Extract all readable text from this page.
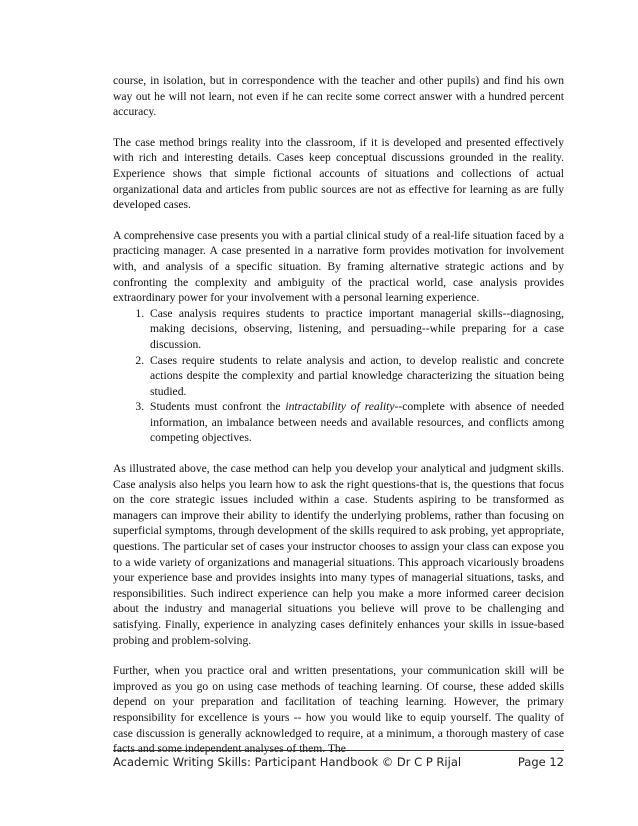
course, in isolation, but in correspondence with the teacher and other pupils) and find his own way out he will not learn, not even if he can recite some correct answer with a hundred percent accuracy.

The case method brings reality into the classroom, if it is developed and presented effectively with rich and interesting details. Cases keep conceptual discussions grounded in the reality. Experience shows that simple fictional accounts of situations and collections of actual organizational data and articles from public sources are not as effective for learning as are fully developed cases.

A comprehensive case presents you with a partial clinical study of a real-life situation faced by a practicing manager. A case presented in a narrative form provides motivation for involvement with, and analysis of a specific situation. By framing alternative strategic actions and by confronting the complexity and ambiguity of the practical world, case analysis provides extraordinary power for your involvement with a personal learning experience.

1. Case analysis requires students to practice important managerial skills--diagnosing, making decisions, observing, listening, and persuading--while preparing for a case discussion.
2. Cases require students to relate analysis and action, to develop realistic and concrete actions despite the complexity and partial knowledge characterizing the situation being studied.
3. Students must confront the intractability of reality--complete with absence of needed information, an imbalance between needs and available resources, and conflicts among competing objectives.

As illustrated above, the case method can help you develop your analytical and judgment skills. Case analysis also helps you learn how to ask the right questions-that is, the questions that focus on the core strategic issues included within a case. Students aspiring to be transformed as managers can improve their ability to identify the underlying problems, rather than focusing on superficial symptoms, through development of the skills required to ask probing, yet appropriate, questions. The particular set of cases your instructor chooses to assign your class can expose you to a wide variety of organizations and managerial situations. This approach vicariously broadens your experience base and provides insights into many types of managerial situations, tasks, and responsibilities. Such indirect experience can help you make a more informed career decision about the industry and managerial situations you believe will prove to be challenging and satisfying. Finally, experience in analyzing cases definitely enhances your skills in issue-based probing and problem-solving.

Further, when you practice oral and written presentations, your communication skill will be improved as you go on using case methods of teaching learning. Of course, these added skills depend on your preparation and facilitation of teaching learning. However, the primary responsibility for excellence is yours -- how you would like to equip yourself. The quality of case discussion is generally acknowledged to require, at a minimum, a thorough mastery of case facts and some independent analyses of them. The

Academic Writing Skills: Participant Handbook © Dr C P Rijal	Page 12
